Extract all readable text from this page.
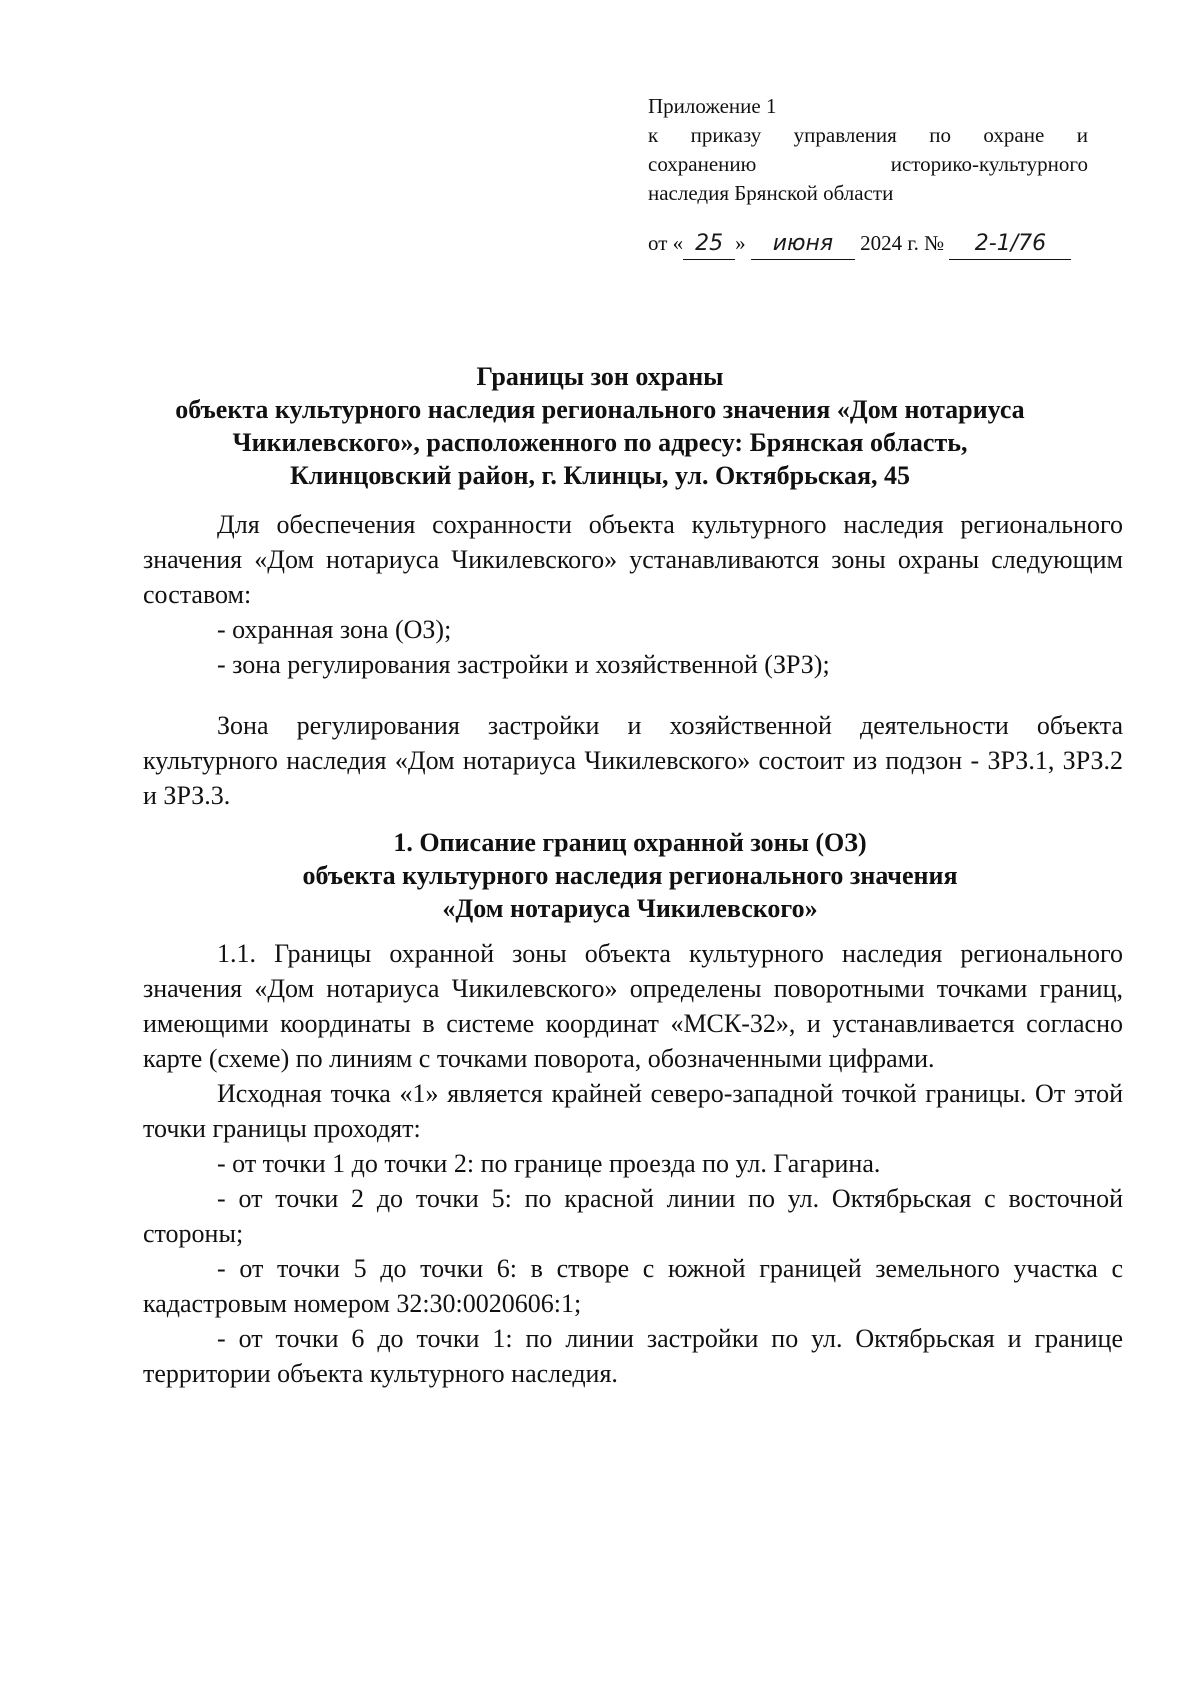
Приложение 1
к приказу управления по охране и
сохранению историко-культурного
наследия Брянской области
от « 25 » июня 2024 г. № 2-1/76
Границы зон охраны
объекта культурного наследия регионального значения «Дом нотариуса
Чикилевского», расположенного по адресу: Брянская область,
Клинцовский район, г. Клинцы, ул. Октябрьская, 45

Для обеспечения сохранности объекта культурного наследия регионального значения «Дом нотариуса Чикилевского» устанавливаются зоны охраны следующим составом:

- охранная зона (ОЗ);

- зона регулирования застройки и хозяйственной (ЗРЗ);

Зона регулирования застройки и хозяйственной деятельности объекта культурного наследия «Дом нотариуса Чикилевского» состоит из подзон - ЗРЗ.1, ЗРЗ.2 и ЗРЗ.3.

1. Описание границ охранной зоны (ОЗ)
объекта культурного наследия регионального значения
«Дом нотариуса Чикилевского»

1.1. Границы охранной зоны объекта культурного наследия регионального значения «Дом нотариуса Чикилевского» определены поворотными точками границ, имеющими координаты в системе координат «МСК-32», и устанавливается согласно карте (схеме) по линиям с точками поворота, обозначенными цифрами.

Исходная точка «1» является крайней северо-западной точкой границы. От этой точки границы проходят:

- от точки 1 до точки 2: по границе проезда по ул. Гагарина.

- от точки 2 до точки 5: по красной линии по ул. Октябрьская с восточной стороны;

- от точки 5 до точки 6: в створе с южной границей земельного участка с кадастровым номером 32:30:0020606:1;

- от точки 6 до точки 1: по линии застройки по ул. Октябрьская и границе территории объекта культурного наследия.
